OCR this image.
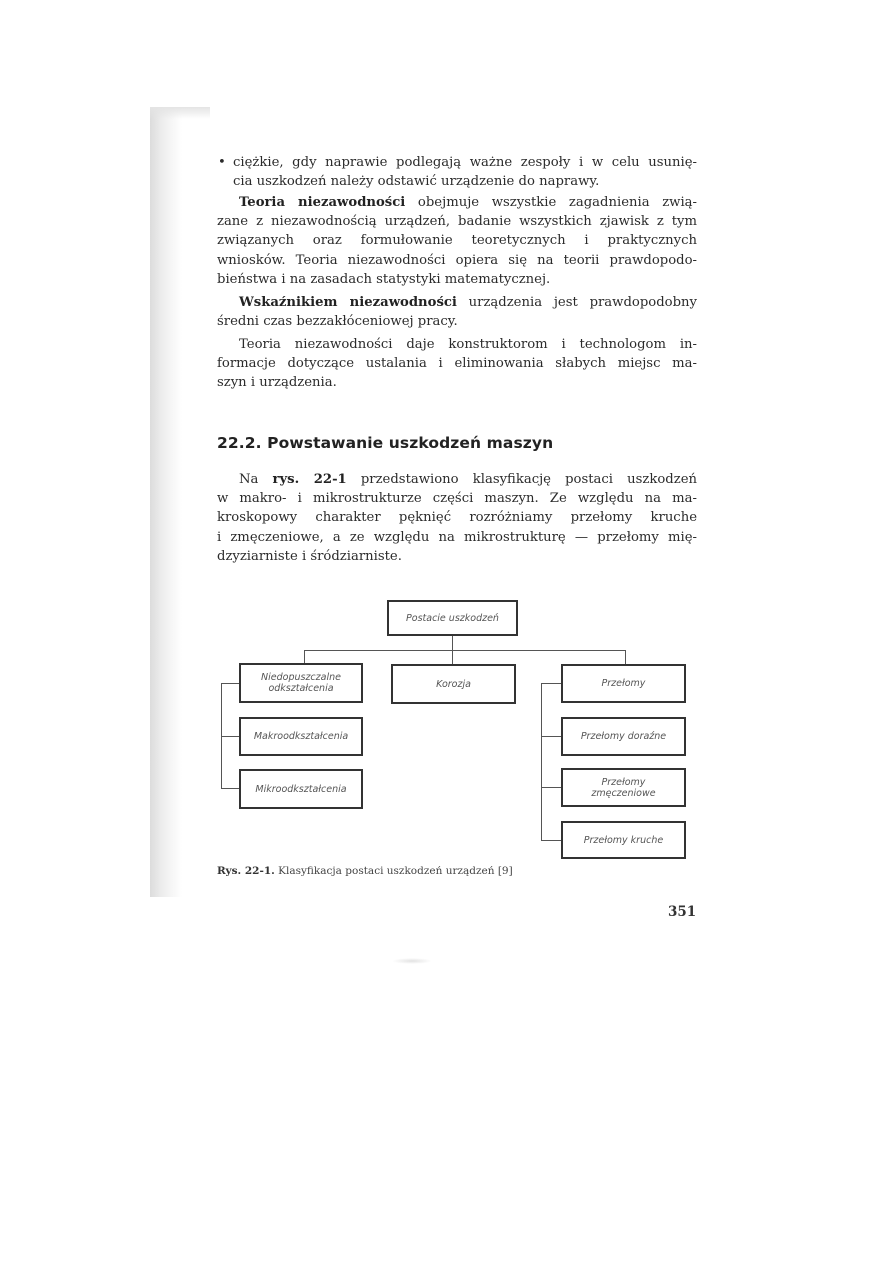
• ciężkie, gdy naprawie podlegają ważne zespoły i w celu usunię-
cia uszkodzeń należy odstawić urządzenie do naprawy.
Teoria niezawodności obejmuje wszystkie zagadnienia zwią-
zane z niezawodnością urządzeń, badanie wszystkich zjawisk z tym
związanych oraz formułowanie teoretycznych i praktycznych
wniosków. Teoria niezawodności opiera się na teorii prawdopodo-
bieństwa i na zasadach statystyki matematycznej.
Wskaźnikiem niezawodności urządzenia jest prawdopodobny
średni czas bezzakłóceniowej pracy.
Teoria niezawodności daje konstruktorom i technologom in-
formacje dotyczące ustalania i eliminowania słabych miejsc ma-
szyn i urządzenia.
22.2. Powstawanie uszkodzeń maszyn
Na rys. 22-1 przedstawiono klasyfikację postaci uszkodzeń
w makro- i mikrostrukturze części maszyn. Ze względu na ma-
kroskopowy charakter pęknięć rozróżniamy przełomy kruche
i zmęczeniowe, a ze względu na mikrostrukturę — przełomy mię-
dzyziarniste i śródziarniste.
Postacie uszkodzeń
Niedopuszczalne
odkształcenia
Makroodkształcenia
Mikroodkształcenia
Korozja	Przełomy
Przełomy doraźne
Przełomy
zmęczeniowe
Przełomy kruche
Rys. 22-1. Klasyfikacja postaci uszkodzeń urządzeń [9]
351
